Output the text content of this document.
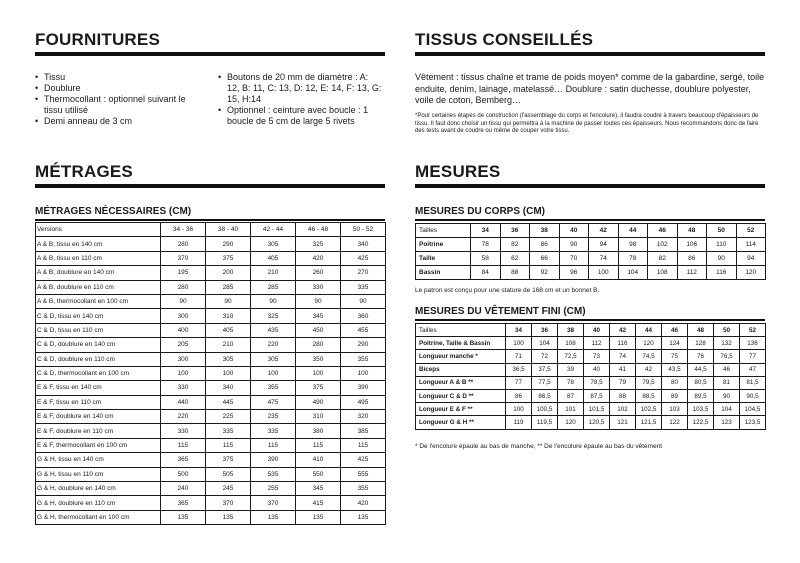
FOURNITURES
• Tissu
• Doublure
• Thermocollant : optionnel suivant le tissu utilisé
• Demi anneau de 3 cm
• Boutons de 20 mm de diamètre : A: 12, B: 11, C: 13, D: 12, E: 14, F: 13, G: 15, H:14
• Optionnel : ceinture avec boucle : 1 boucle de 5 cm de large 5 rivets
MÉTRAGES
MÉTRAGES NÉCESSAIRES (CM)
Versions	34 - 36	38 - 40	42 - 44	46 - 48	50 - 52
A & B, tissu en 140 cm	280	290	305	325	340
A & B, tissu en 110 cm	370	375	405	420	425
A & B, doublure en 140 cm	195	200	210	260	270
A & B, doublure en 110 cm	280	285	285	330	335
A & B, thermocollant en 100 cm	90	90	90	90	90
C & D, tissu en 140 cm	300	310	325	345	360
C & D, tissu en 110 cm	400	405	435	450	455
C & D, doublure en 140 cm	205	210	220	280	290
C & D, doublure en 110 cm	300	305	305	350	355
C & D, thermocollant en 100 cm	100	100	100	100	100
E & F, tissu en 140 cm	330	340	355	375	390
E & F, tissu en 110 cm	440	445	475	490	495
E & F, doublure en 140 cm	220	225	235	310	320
E & F, doublure en 110 cm	330	335	335	380	385
E & F, thermocollant en 100 cm	115	115	115	115	115
G & H, tissu en 140 cm	365	375	390	410	425
G & H, tissu en 110 cm	500	505	535	550	555
G & H, doublure en 140 cm	240	245	255	345	355
G & H, doublure en 110 cm	365	370	370	415	420
G & H, thermocollant en 100 cm	135	135	135	135	135
TISSUS CONSEILLÉS
Vêtement : tissus chaîne et trame de poids moyen* comme de la gabardine, sergé, toile enduite, denim, lainage, matelassé… Doublure : satin duchesse, doublure polyester, voile de coton, Bemberg…
*Pour certaines étapes de construction (l'assemblage du corps et l'encolure), il faudra coudre à travers beaucoup d'épaisseurs de tissu. Il faut donc choisir un tissu qui permettra à la machine de passer toutes ces épaisseurs. Nous recommandons donc de faire des tests avant de coudre ou même de couper votre tissu.
MESURES
MESURES DU CORPS (CM)
Tailles	34	36	38	40	42	44	46	48	50	52
Poitrine	78	82	86	90	94	98	102	106	110	114
Taille	58	62	66	70	74	78	82	86	90	94
Bassin	84	88	92	96	100	104	108	112	116	120
Le patron est conçu pour une stature de 168 cm et un bonnet B.
MESURES DU VÊTEMENT FINI (CM)
Tailles	34	36	38	40	42	44	46	48	50	52
Poitrine, Taille & Bassin	100	104	108	112	116	120	124	128	132	136
Longueur manche *	71	72	72,5	73	74	74,5	75	76	76,5	77
Biceps	36,5	37,5	39	40	41	42	43,5	44,5	46	47
Longueur A & B **	77	77,5	78	78,5	79	79,5	80	80,5	81	81,5
Longueur C & D **	86	86,5	87	87,5	88	88,5	89	89,5	90	90,5
Longueur E & F **	100	100,5	101	101,5	102	102,5	103	103,5	104	104,5
Longueur G & H **	119	119,5	120	120,5	121	121,5	122	122,5	123	123,5
* De l'encolure épaule au bas de manche, ** De l'encolure épaule au bas du vêtement
